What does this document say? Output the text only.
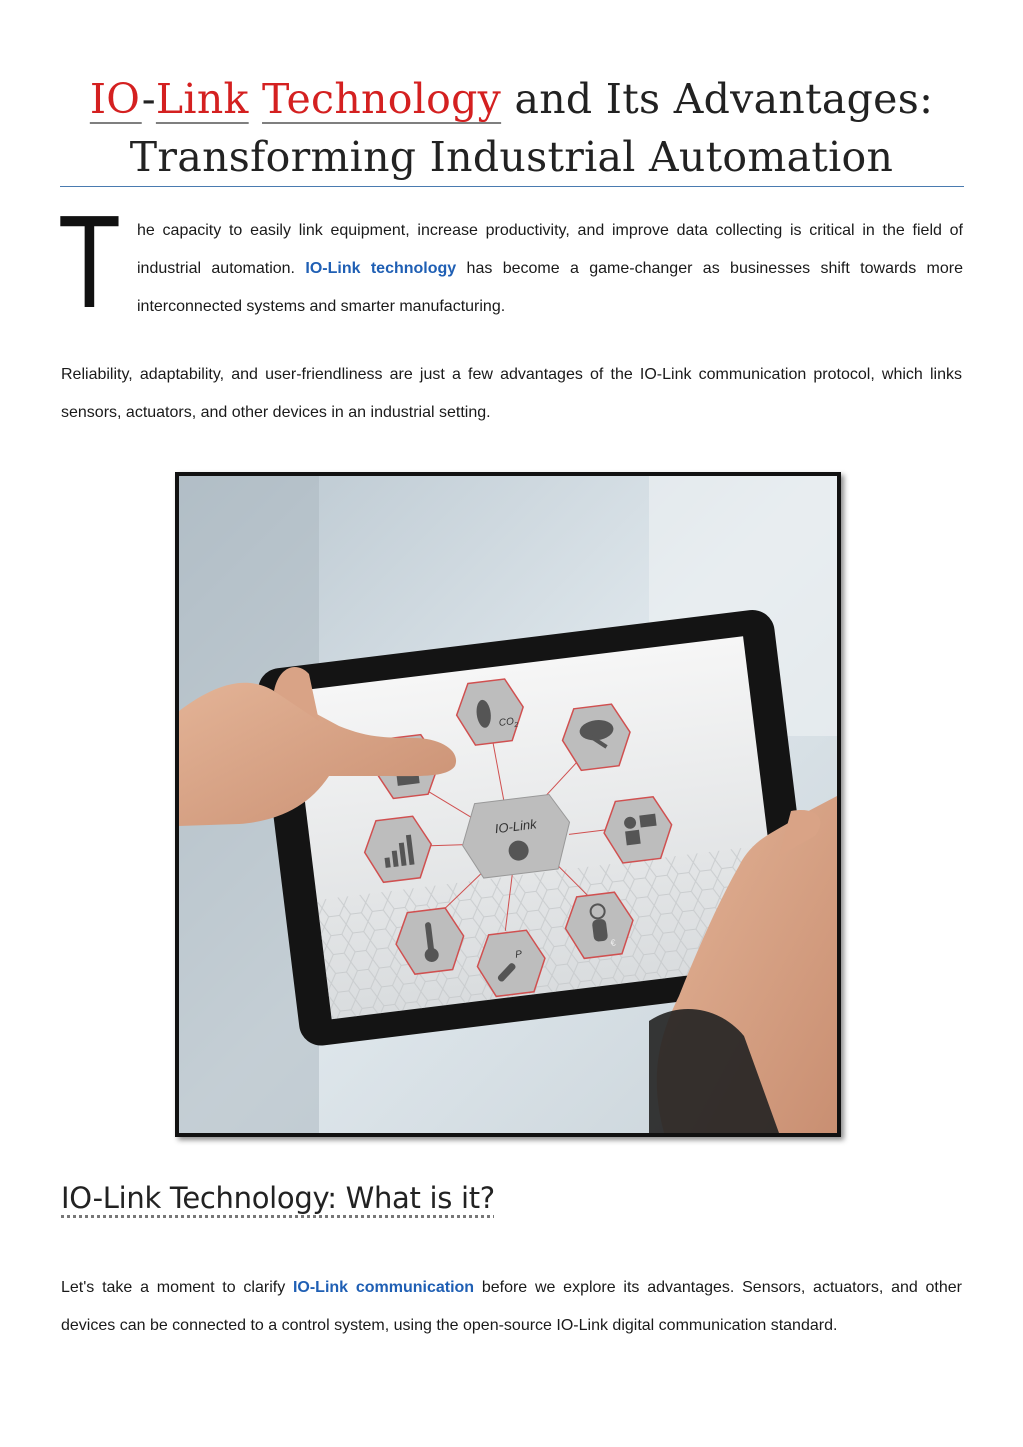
IO-Link Technology and Its Advantages:
Transforming Industrial Automation
T he capacity to easily link equipment, increase productivity, and improve data collecting is critical in the field of industrial automation. IO-Link technology has become a game-changer as businesses shift towards more interconnected systems and smarter manufacturing.

Reliability, adaptability, and user-friendliness are just a few advantages of the IO-Link communication protocol, which links sensors, actuators, and other devices in an industrial setting.

IO-Link
$CO_2$
P
€
IO-Link Technology: What is it?

Let's take a moment to clarify IO-Link communication before we explore its advantages. Sensors, actuators, and other devices can be connected to a control system, using the open-source IO-Link digital communication standard.
